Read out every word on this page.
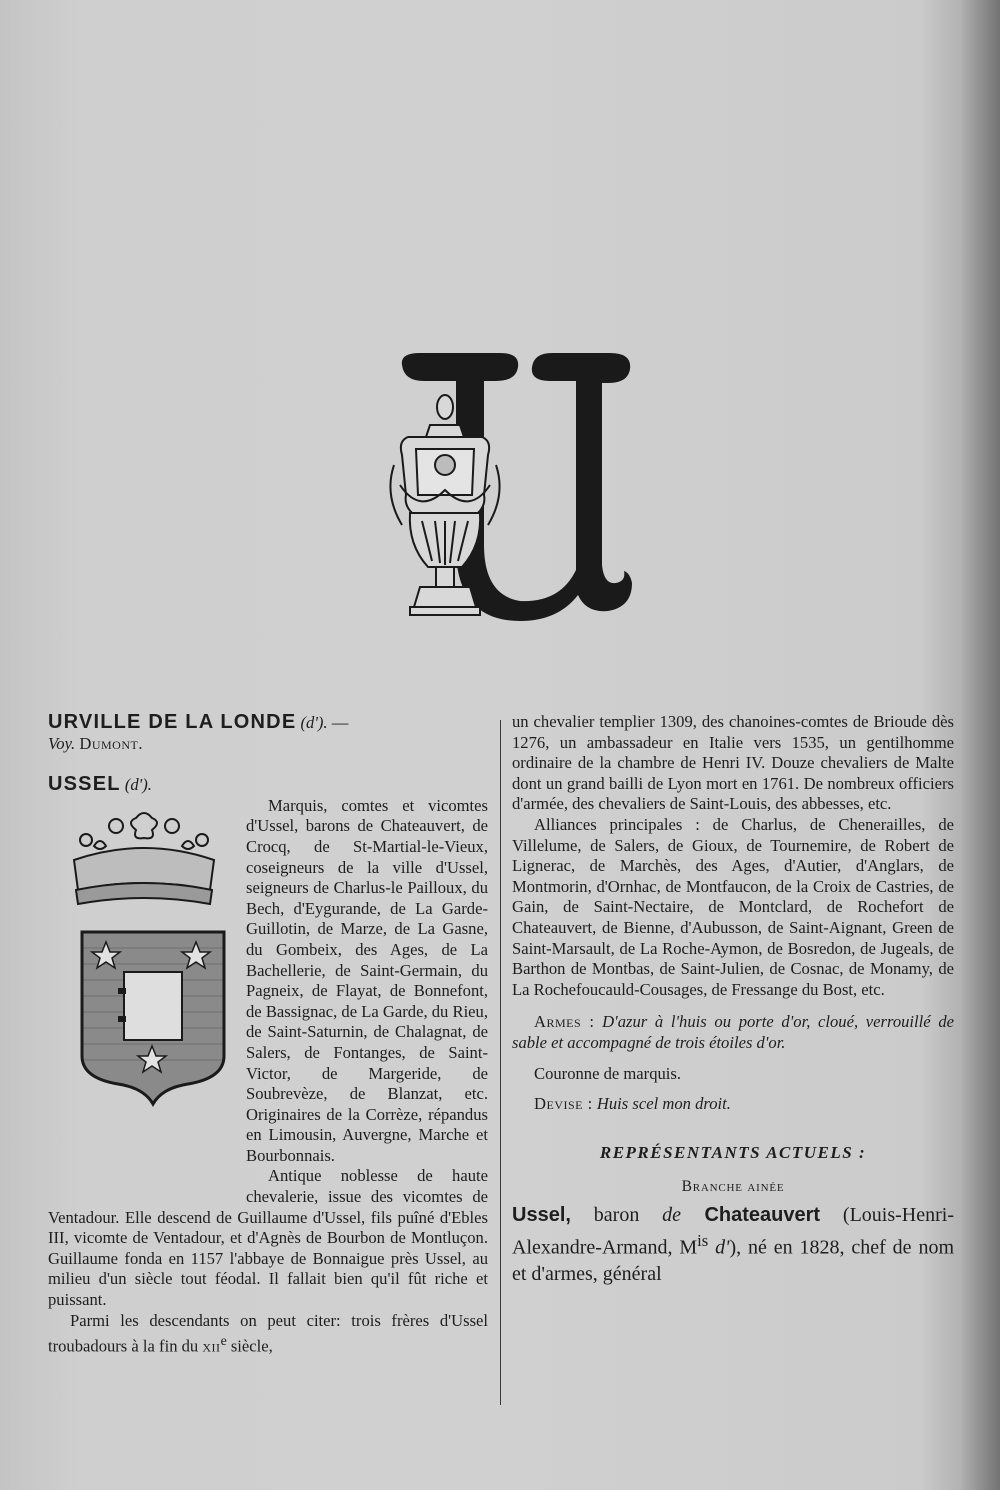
URVILLE DE LA LONDE (d'). —
Voy. Dumont.

USSEL (d').

Marquis, comtes et vicomtes d'Ussel, barons de Chateauvert, de Crocq, de St-Martial-le-Vieux, coseigneurs de la ville d'Ussel, seigneurs de Charlus-le Pailloux, du Bech, d'Eygurande, de La Garde-Guillotin, de Marze, de La Gasne, du Gombeix, des Ages, de La Bachellerie, de Saint-Germain, du Pagneix, de Flayat, de Bonnefont, de Bassignac, de La Garde, du Rieu, de Saint-Saturnin, de Chalagnat, de Salers, de Fontanges, de Saint-Victor, de Margeride, de Soubrevèze, de Blanzat, etc. Originaires de la Corrèze, répandus en Limousin, Auvergne, Marche et Bourbonnais.

Antique noblesse de haute chevalerie, issue des vicomtes de Ventadour. Elle descend de Guillaume d'Ussel, fils puîné d'Ebles III, vicomte de Ventadour, et d'Agnès de Bourbon de Montluçon. Guillaume fonda en 1157 l'abbaye de Bonnaigue près Ussel, au milieu d'un siècle tout féodal. Il fallait bien qu'il fût riche et puissant.

Parmi les descendants on peut citer: trois frères d'Ussel troubadours à la fin du xii$^e$ siècle,

un chevalier templier 1309, des chanoines-comtes de Brioude dès 1276, un ambassadeur en Italie vers 1535, un gentilhomme ordinaire de la chambre de Henri IV. Douze chevaliers de Malte dont un grand bailli de Lyon mort en 1761. De nombreux officiers d'armée, des chevaliers de Saint-Louis, des abbesses, etc.

Alliances principales : de Charlus, de Chenerailles, de Villelume, de Salers, de Gioux, de Tournemire, de Robert de Lignerac, de Marchès, des Ages, d'Autier, d'Anglars, de Montmorin, d'Ornhac, de Montfaucon, de la Croix de Castries, de Gain, de Saint-Nectaire, de Montclard, de Rochefort de Chateauvert, de Bienne, d'Aubusson, de Saint-Aignant, Green de Saint-Marsault, de La Roche-Aymon, de Bosredon, de Jugeals, de Barthon de Montbas, de Saint-Julien, de Cosnac, de Monamy, de La Rochefoucauld-Cousages, de Fressange du Bost, etc.

Armes : D'azur à l'huis ou porte d'or, cloué, verrouillé de sable et accompagné de trois étoiles d'or.

Couronne de marquis.

Devise : Huis scel mon droit.

REPRÉSENTANTS ACTUELS :

Branche ainée

Ussel, baron de Chateauvert (Louis-Henri-Alexandre-Armand, $M^{is}$ d'), né en 1828, chef de nom et d'armes, général
